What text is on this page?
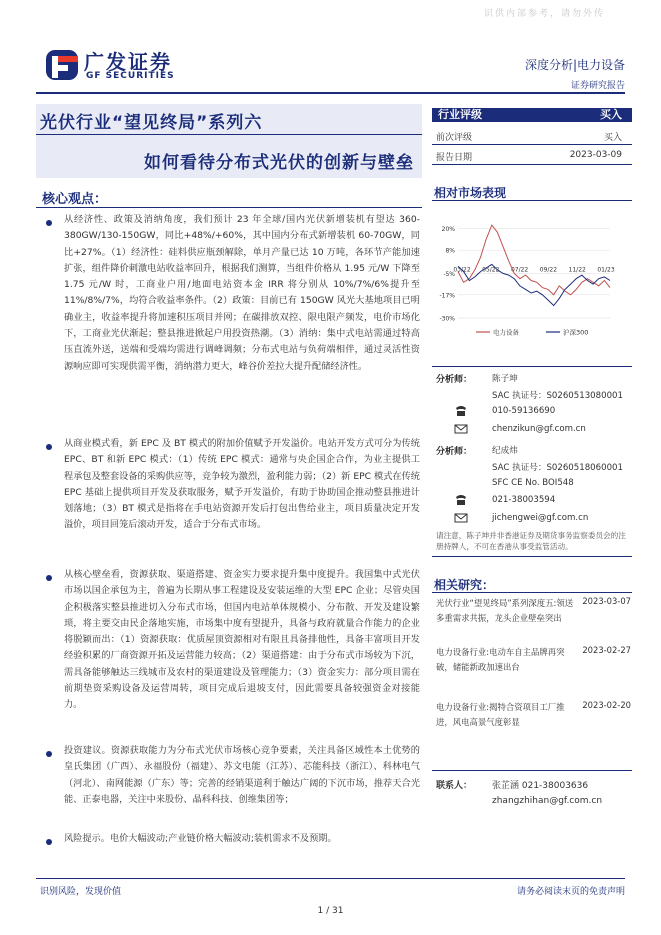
识供内部参考，请勿外传
广发证券
GF SECURITIES
深度分析|电力设备
证券研究报告
光伏行业“望见终局”系列六
如何看待分布式光伏的创新与壁垒
行业评级	买入
前次评级	买入
报告日期	2023-03-09
核心观点：
从经济性、政策及消纳角度，我们预计 23 年全球/国内光伏新增装机有望达 360-380GW/130-150GW，同比+48%/+60%，其中国内分布式新增装机 60-70GW，同比+27%。（1）经济性：硅料供应瓶颈解除，单月产量已达 10 万吨，各环节产能加速扩张，组件降价刺激电站收益率回升，根据我们测算，当组件价格从 1.95 元/W 下降至 1.75 元/W 时，工商业户用/地面电站资本金 IRR 将分别从 10%/7%/6%提升至 11%/8%/7%，均符合收益率条件。（2）政策：目前已有 150GW 风光大基地项目已明确业主，收益率提升将加速积压项目并网；在碳排放双控、限电限产频发，电价市场化下，工商业光伏渐起；整县推进掀起户用投资热潮。（3）消纳：集中式电站需通过特高压直流外送，送端和受端均需进行调峰调频；分布式电站与负荷端相伴，通过灵活性资源响应即可实现供需平衡，消纳潜力更大，峰谷价差拉大提升配储经济性。
从商业模式看，新 EPC 及 BT 模式的附加价值赋予开发溢价。电站开发方式可分为传统 EPC、BT 和新 EPC 模式：（1）传统 EPC 模式：通常与央企国企合作，为业主提供工程承包及整套设备的采购供应等，竞争较为激烈，盈利能力弱；（2）新 EPC 模式在传统 EPC 基础上提供项目开发及获取服务，赋予开发溢价，有助于协助国企推动整县推进计划落地；（3）BT 模式是指将在手电站资源开发后打包出售给业主，项目质量决定开发溢价，项目回笼后滚动开发，适合于分布式市场。
从核心壁垒看，资源获取、渠道搭建、资金实力要求提升集中度提升。我国集中式光伏市场以国企承包为主，普遍为长期从事工程建设及安装运维的大型 EPC 企业；尽管央国企积极落实整县推进切入分布式市场，但国内电站单体规模小、分布散、开发及建设繁琐，将主要交由民企落地实施，市场集中度有望提升，具备与政府就量合作能力的企业将脱颖而出：（1）资源获取：优质屋顶资源相对有限且具备排他性，具备丰富项目开发经验积累的厂商资源开拓及运营能力较高；（2）渠道搭建：由于分布式市场较为下沉，需具备能够触达三线城市及农村的渠道建设及管理能力；（3）资金实力：部分项目需在前期垫资采购设备及运营周转，项目完成后退坡支付，因此需要具备较强资金对接能力。
投资建议。资源获取能力为分布式光伏市场核心竞争要素，关注具备区域性本土优势的皇氏集团（广西）、永福股份（福建）、苏文电能（江苏）、芯能科技（浙江）、科林电气（河北）、南网能源（广东）等；完善的经销渠道利于触达广阔的下沉市场，推荐天合光能、正泰电器，关注中来股份、晶科科技、创维集团等；
风险提示。电价大幅波动;产业链价格大幅波动;装机需求不及预期。
相对市场表现
20%
8%
-5%
-17%
-30%
03/22 05/22 07/22 09/22 11/22 01/23
电力设备	沪深300
分析师： 陈子坤
SAC 执证号：S0260513080001
010-59136690
chenzikun@gf.com.cn
分析师： 纪成炜
SAC 执证号：S0260518060001
SFC CE No. BOI548
021-38003594
jichengwei@gf.com.cn
请注意，陈子坤并非香港证券及期货事务监察委员会的注册持牌人，不可在香港从事受监管活动。
相关研究：
光伏行业“望见终局”系列深度五:领送多重需求共振，龙头企业壁垒突出
2023-03-07
电力设备行业:电动车自主品牌再突破，储能新政加速出台
2023-02-27
电力设备行业:揭特合资项目工厂推进，风电高景气度彰显
2023-02-20
联系人： 张芷涵 021-38003636
zhangzhihan@gf.com.cn
识别风险，发现价值	请务必阅读末页的免责声明
1 / 31
